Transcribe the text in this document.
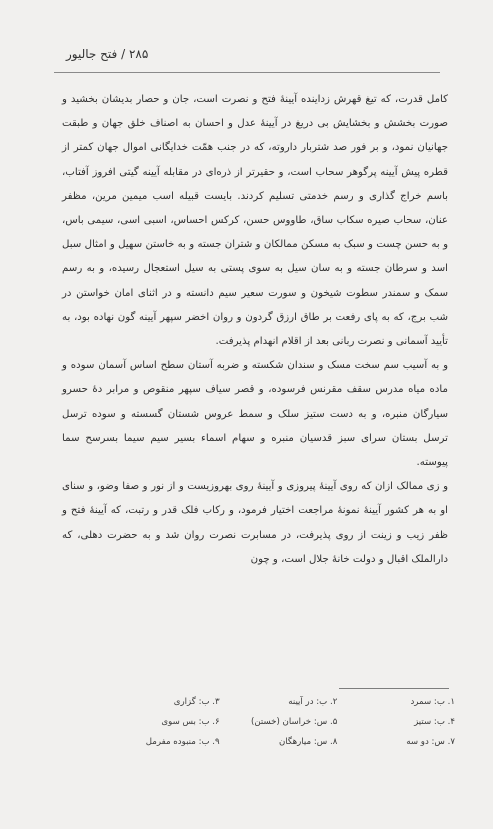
۲۸۵ / فتح جالیور

کامل قدرت، که تیغ قهرش زداینده آیینهٔ فتح و نصرت است، جان و حصار بدیشان بخشید و صورت بخشش و بخشایش بی دریغ در آیینهٔ عدل و احسان به اصناف خلق جهان و طبقت جهانیان نمود، و بر فور صد شتربار داروته، که در جنب همّت خدایگانی اموال جهان کمتر از قطره پیش آیینه پرگوهر سحاب است، و حقیرتر از ذره‌ای در مقابله آیینه گیتی افروز آفتاب، باسم خراج گذاری و رسم خدمتی تسلیم کردند. بایست قبیله اسب میمین مرین، مظفر عنان، سحاب صیره سکاب ساق، طاووس حسن، کرکس احساس، اسبی اسی، سیمی باس، و به حسن چست و سبک به مسکن ممالکان و شتران جسته و به خاستن سهیل و امثال سبل اسد و سرطان جسته و به سان سیل به سوی پستی به سیل استعجال رسیده، و به رسم سمک و سمندر سطوت شیخون و سورت سعیر سیم دانسته و در اثنای امان خواستن در شب برج، که به پای رفعت بر طاق ارزق گردون و روان اخضر سپهر آیینه گون نهاده بود، به تأیید آسمانی و نصرت ربانی بعد از اقلام انهدام پذیرفت.

و به آسیب سم سخت مسک و سندان شکسته و ضربه آستان سطح اساس آسمان سوده و ماده میاه مدرس سقف مقرنس فرسوده، و قصر سیاف سپهر منقوص و مرابر دهٔ حسرو سیارگان منبره، و به دست ستیز سلک و سمط عروس شستان گسسته و سوده ترسل ترسل بستان سرای سبز قدسیان منبره و سهام اسماء بسیر سیم سیما بسرسح سما پیوسته.

و زی ممالک ازان که روی آیینهٔ پیروزی و آیینهٔ روی بهروزیست و از نور و صفا وضو، و سنای او به هر کشور آیینهٔ نمونهٔ مراجعت اختیار فرمود، و رکاب فلک قدر و رتبت، که آیینهٔ فتح و ظفر زیب و زینت از روی پذیرفت، در مسابرت نصرت روان شد و به حضرت دهلی، که دارالملک اقبال و دولت خانهٔ جلال است، و چون

۱. ب: سمرد
۲. ب: در آیینه
۳. ب: گزاری
۴. ب: ستیز
۵. س: خراسان (خستن)
۶. ب: بس سوی
۷. س: دو سه
۸. س: میارهگان
۹. ب: منبوده مفرمل
